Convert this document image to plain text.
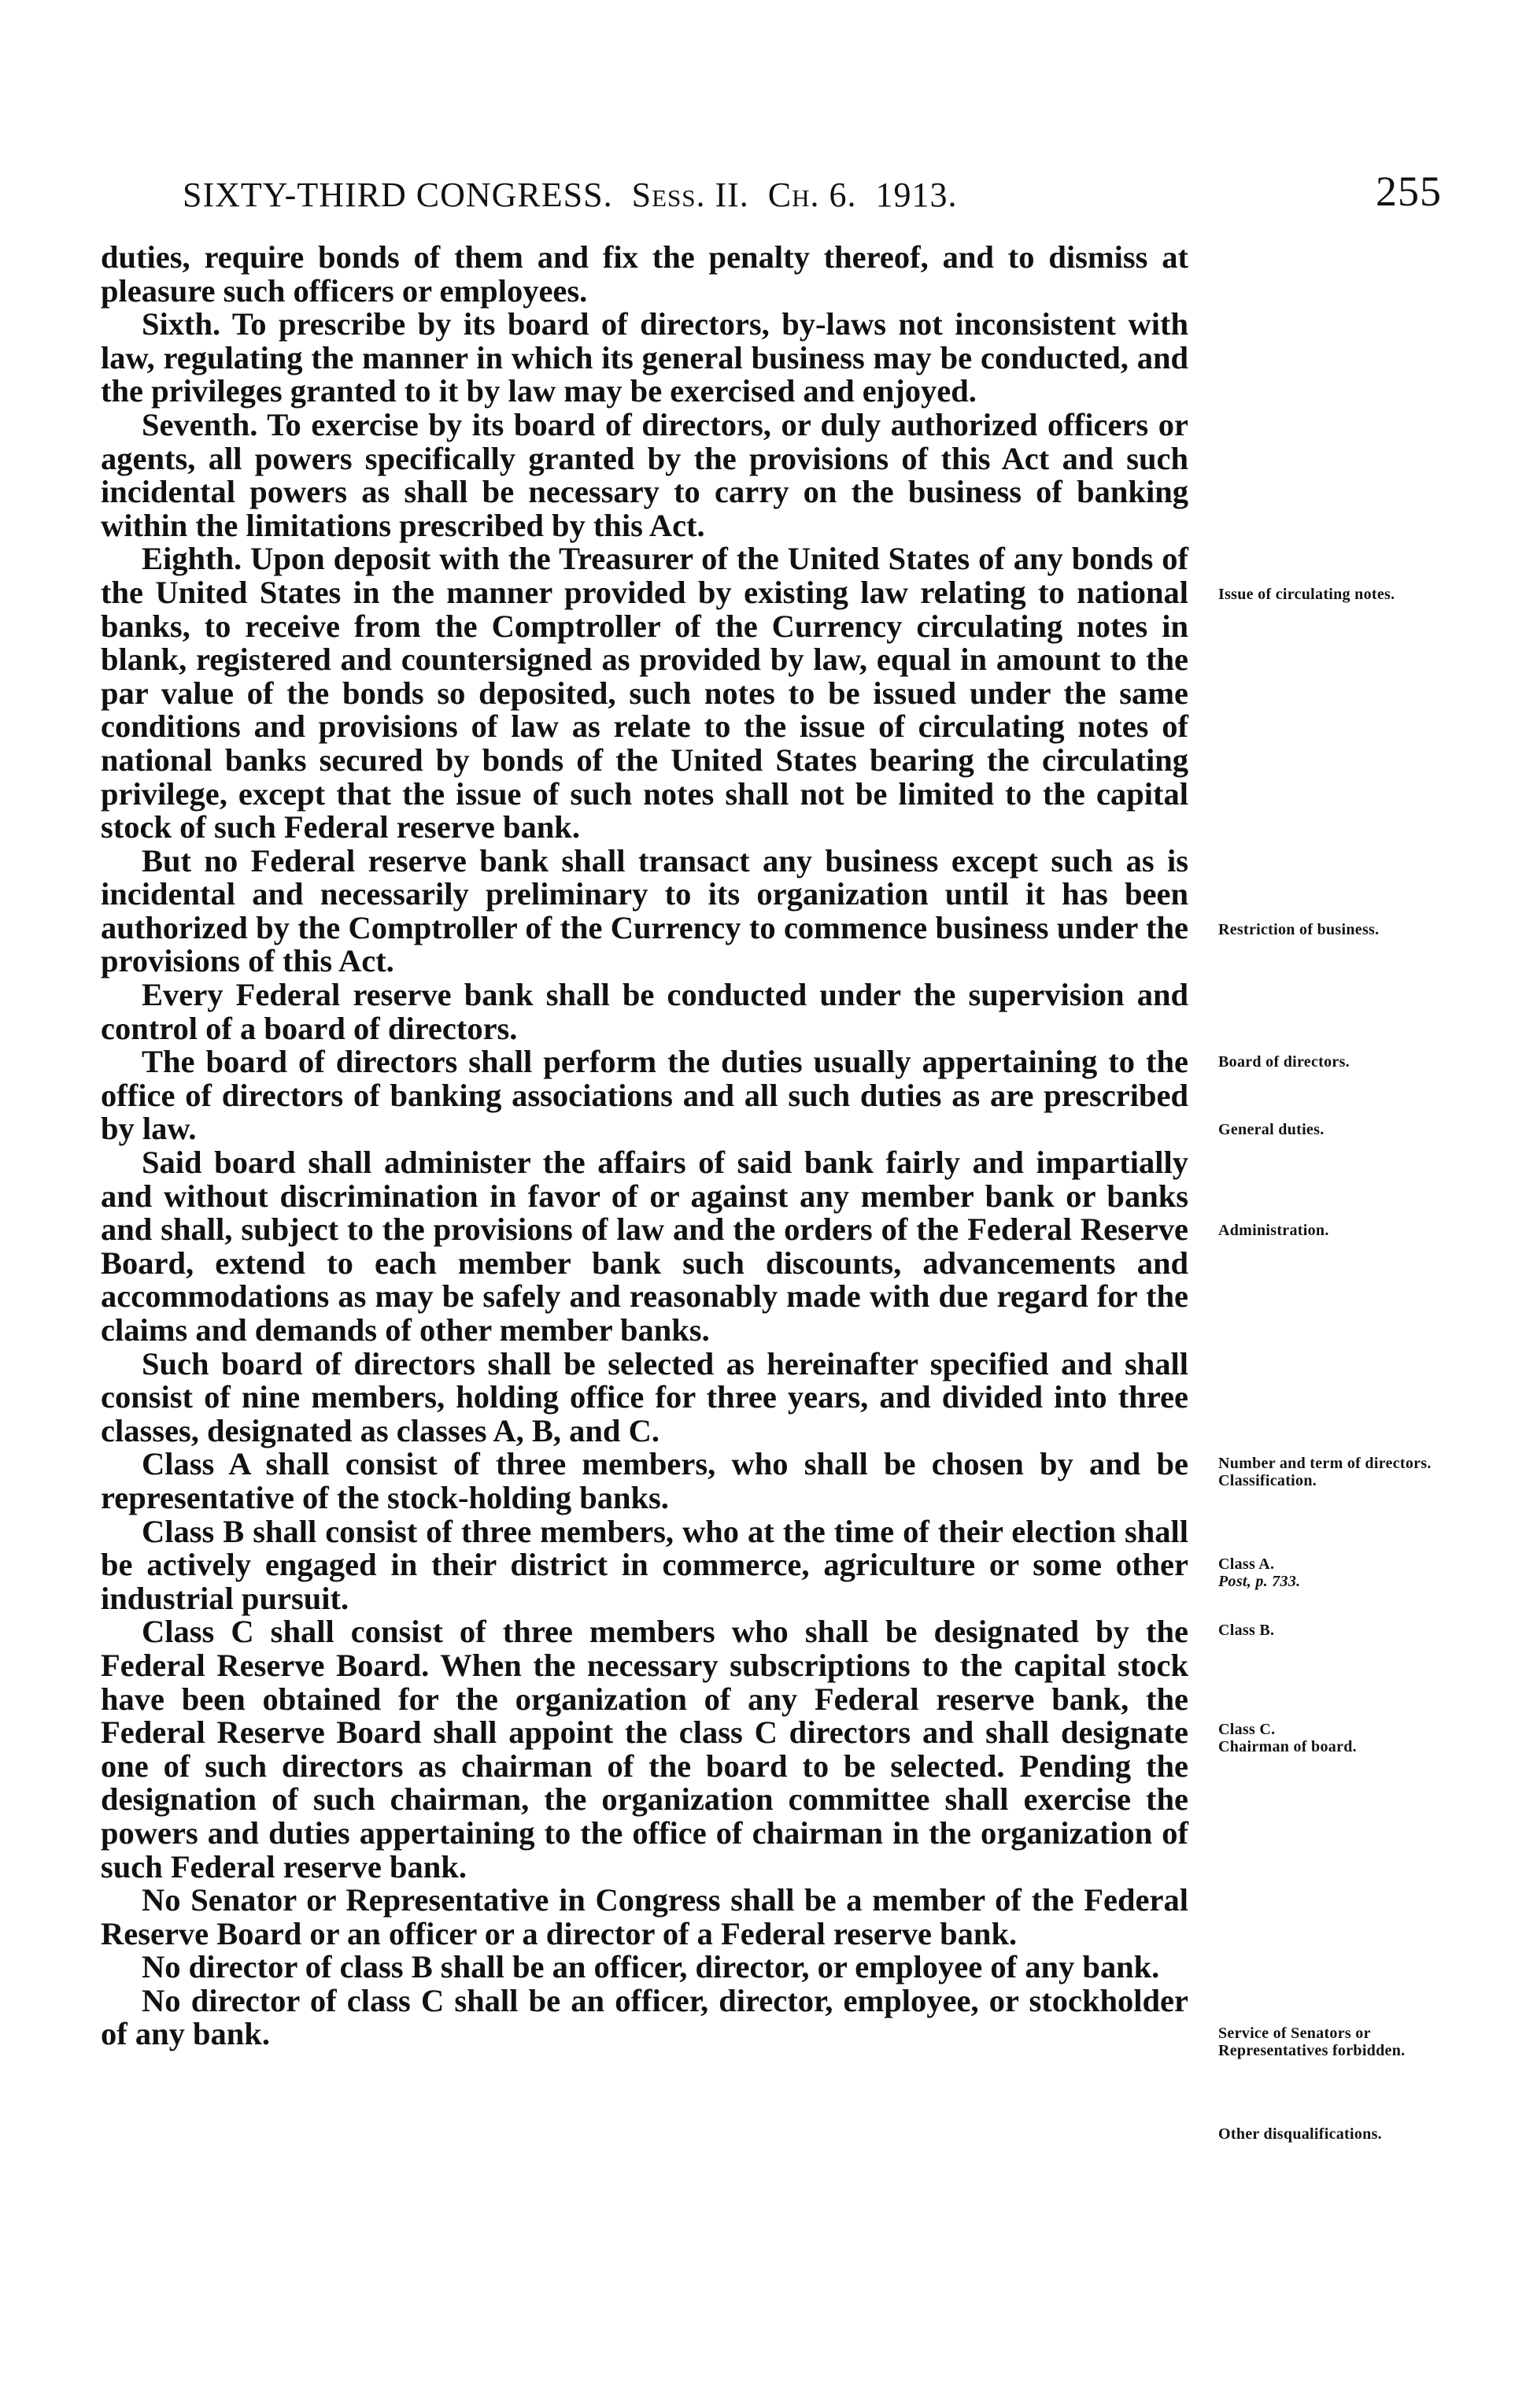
SIXTY-THIRD CONGRESS. Sess. II. Ch. 6. 1913.	255

duties, require bonds of them and fix the penalty thereof, and to dismiss at pleasure such officers or employees.

Sixth. To prescribe by its board of directors, by-laws not inconsistent with law, regulating the manner in which its general business may be conducted, and the privileges granted to it by law may be exercised and enjoyed.

Seventh. To exercise by its board of directors, or duly authorized officers or agents, all powers specifically granted by the provisions of this Act and such incidental powers as shall be necessary to carry on the business of banking within the limitations prescribed by this Act.

Eighth. Upon deposit with the Treasurer of the United States of any bonds of the United States in the manner provided by existing law relating to national banks, to receive from the Comptroller of the Currency circulating notes in blank, registered and countersigned as provided by law, equal in amount to the par value of the bonds so deposited, such notes to be issued under the same conditions and provisions of law as relate to the issue of circulating notes of national banks secured by bonds of the United States bearing the circulating privilege, except that the issue of such notes shall not be limited to the capital stock of such Federal reserve bank.

But no Federal reserve bank shall transact any business except such as is incidental and necessarily preliminary to its organization until it has been authorized by the Comptroller of the Currency to commence business under the provisions of this Act.

Every Federal reserve bank shall be conducted under the supervision and control of a board of directors.

The board of directors shall perform the duties usually appertaining to the office of directors of banking associations and all such duties as are prescribed by law.

Said board shall administer the affairs of said bank fairly and impartially and without discrimination in favor of or against any member bank or banks and shall, subject to the provisions of law and the orders of the Federal Reserve Board, extend to each member bank such discounts, advancements and accommodations as may be safely and reasonably made with due regard for the claims and demands of other member banks.

Such board of directors shall be selected as hereinafter specified and shall consist of nine members, holding office for three years, and divided into three classes, designated as classes A, B, and C.

Class A shall consist of three members, who shall be chosen by and be representative of the stock-holding banks.

Class B shall consist of three members, who at the time of their election shall be actively engaged in their district in commerce, agriculture or some other industrial pursuit.

Class C shall consist of three members who shall be designated by the Federal Reserve Board. When the necessary subscriptions to the capital stock have been obtained for the organization of any Federal reserve bank, the Federal Reserve Board shall appoint the class C directors and shall designate one of such directors as chairman of the board to be selected. Pending the designation of such chairman, the organization committee shall exercise the powers and duties appertaining to the office of chairman in the organization of such Federal reserve bank.

No Senator or Representative in Congress shall be a member of the Federal Reserve Board or an officer or a director of a Federal reserve bank.

No director of class B shall be an officer, director, or employee of any bank.

No director of class C shall be an officer, director, employee, or stockholder of any bank.

Issue of circulating notes.
Restriction of business.
Board of directors.
General duties.
Administration.
Number and term of directors.
Classification.
Class A.
Post, p. 733.
Class B.
Class C.
Chairman of board.
Service of Senators or Representatives forbidden.
Other disqualifications.
